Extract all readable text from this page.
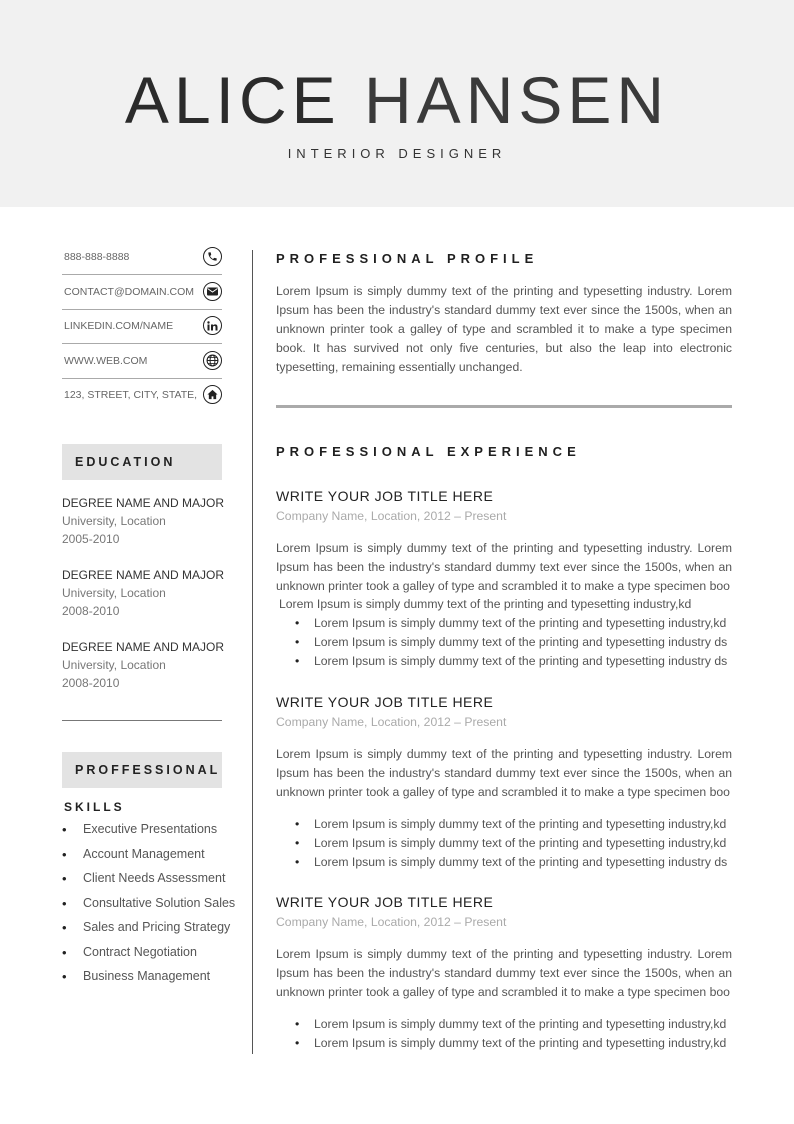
ALICE HANSEN
INTERIOR DESIGNER
888-888-8888
CONTACT@DOMAIN.COM
LINKEDIN.COM/NAME
WWW.WEB.COM
123, STREET, CITY, STATE,
EDUCATION
DEGREE NAME AND MAJOR
University, Location
2005-2010
DEGREE NAME AND MAJOR
University, Location
2008-2010
DEGREE NAME AND MAJOR
University, Location
2008-2010
PROFFESSIONAL
SKILLS
• Executive Presentations
• Account Management
• Client Needs Assessment
• Consultative Solution Sales
• Sales and Pricing Strategy
• Contract Negotiation
• Business Management
PROFESSIONAL PROFILE

Lorem Ipsum is simply dummy text of the printing and typesetting industry. Lorem Ipsum has been the industry's standard dummy text ever since the 1500s, when an unknown printer took a galley of type and scrambled it to make a type specimen book. It has survived not only five centuries, but also the leap into electronic typesetting, remaining essentially unchanged.

PROFESSIONAL EXPERIENCE
WRITE YOUR JOB TITLE HERE
Company Name, Location, 2012 – Present

Lorem Ipsum is simply dummy text of the printing and typesetting industry. Lorem Ipsum has been the industry's standard dummy text ever since the 1500s, when an unknown printer took a galley of type and scrambled it to make a type specimen boo

Lorem Ipsum is simply dummy text of the printing and typesetting industry,kd
• Lorem Ipsum is simply dummy text of the printing and typesetting industry,kd
• Lorem Ipsum is simply dummy text of the printing and typesetting industry ds
• Lorem Ipsum is simply dummy text of the printing and typesetting industry ds
WRITE YOUR JOB TITLE HERE
Company Name, Location, 2012 – Present

Lorem Ipsum is simply dummy text of the printing and typesetting industry. Lorem Ipsum has been the industry's standard dummy text ever since the 1500s, when an unknown printer took a galley of type and scrambled it to make a type specimen boo

• Lorem Ipsum is simply dummy text of the printing and typesetting industry,kd
• Lorem Ipsum is simply dummy text of the printing and typesetting industry,kd
• Lorem Ipsum is simply dummy text of the printing and typesetting industry ds
WRITE YOUR JOB TITLE HERE
Company Name, Location, 2012 – Present

Lorem Ipsum is simply dummy text of the printing and typesetting industry. Lorem Ipsum has been the industry's standard dummy text ever since the 1500s, when an unknown printer took a galley of type and scrambled it to make a type specimen boo

• Lorem Ipsum is simply dummy text of the printing and typesetting industry,kd
• Lorem Ipsum is simply dummy text of the printing and typesetting industry,kd
